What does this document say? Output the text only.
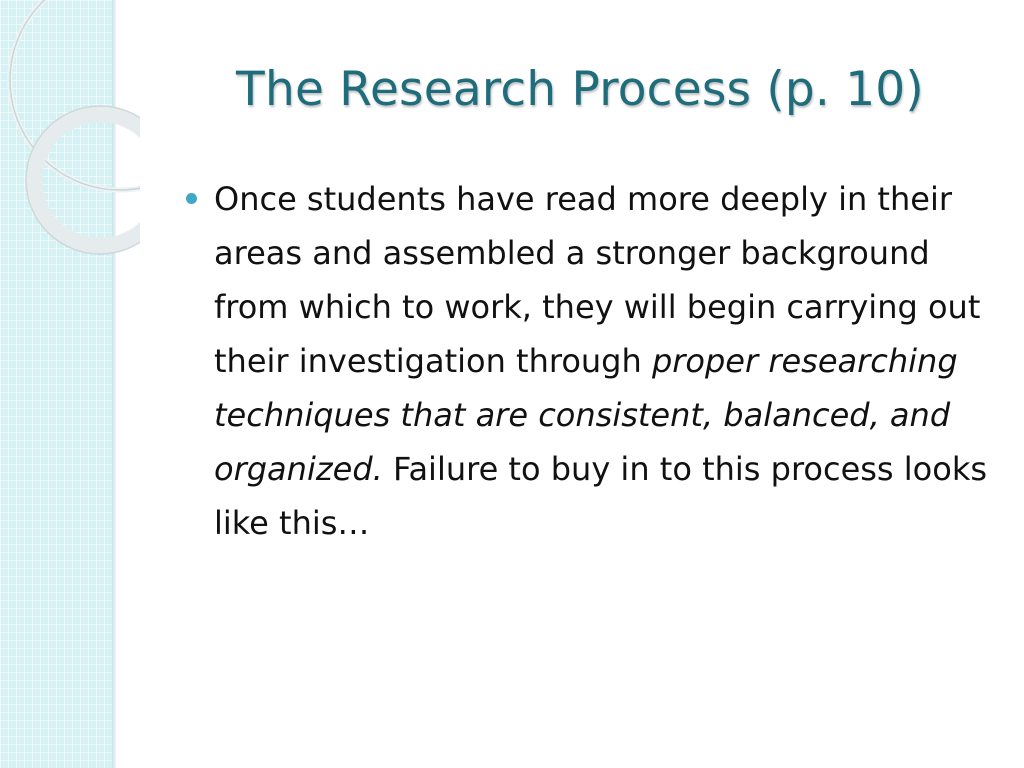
The Research Process (p. 10)
Once students have read more deeply in their areas and assembled a stronger background from which to work, they will begin carrying out their investigation through proper researching techniques that are consistent, balanced, and organized. Failure to buy in to this process looks like this…
